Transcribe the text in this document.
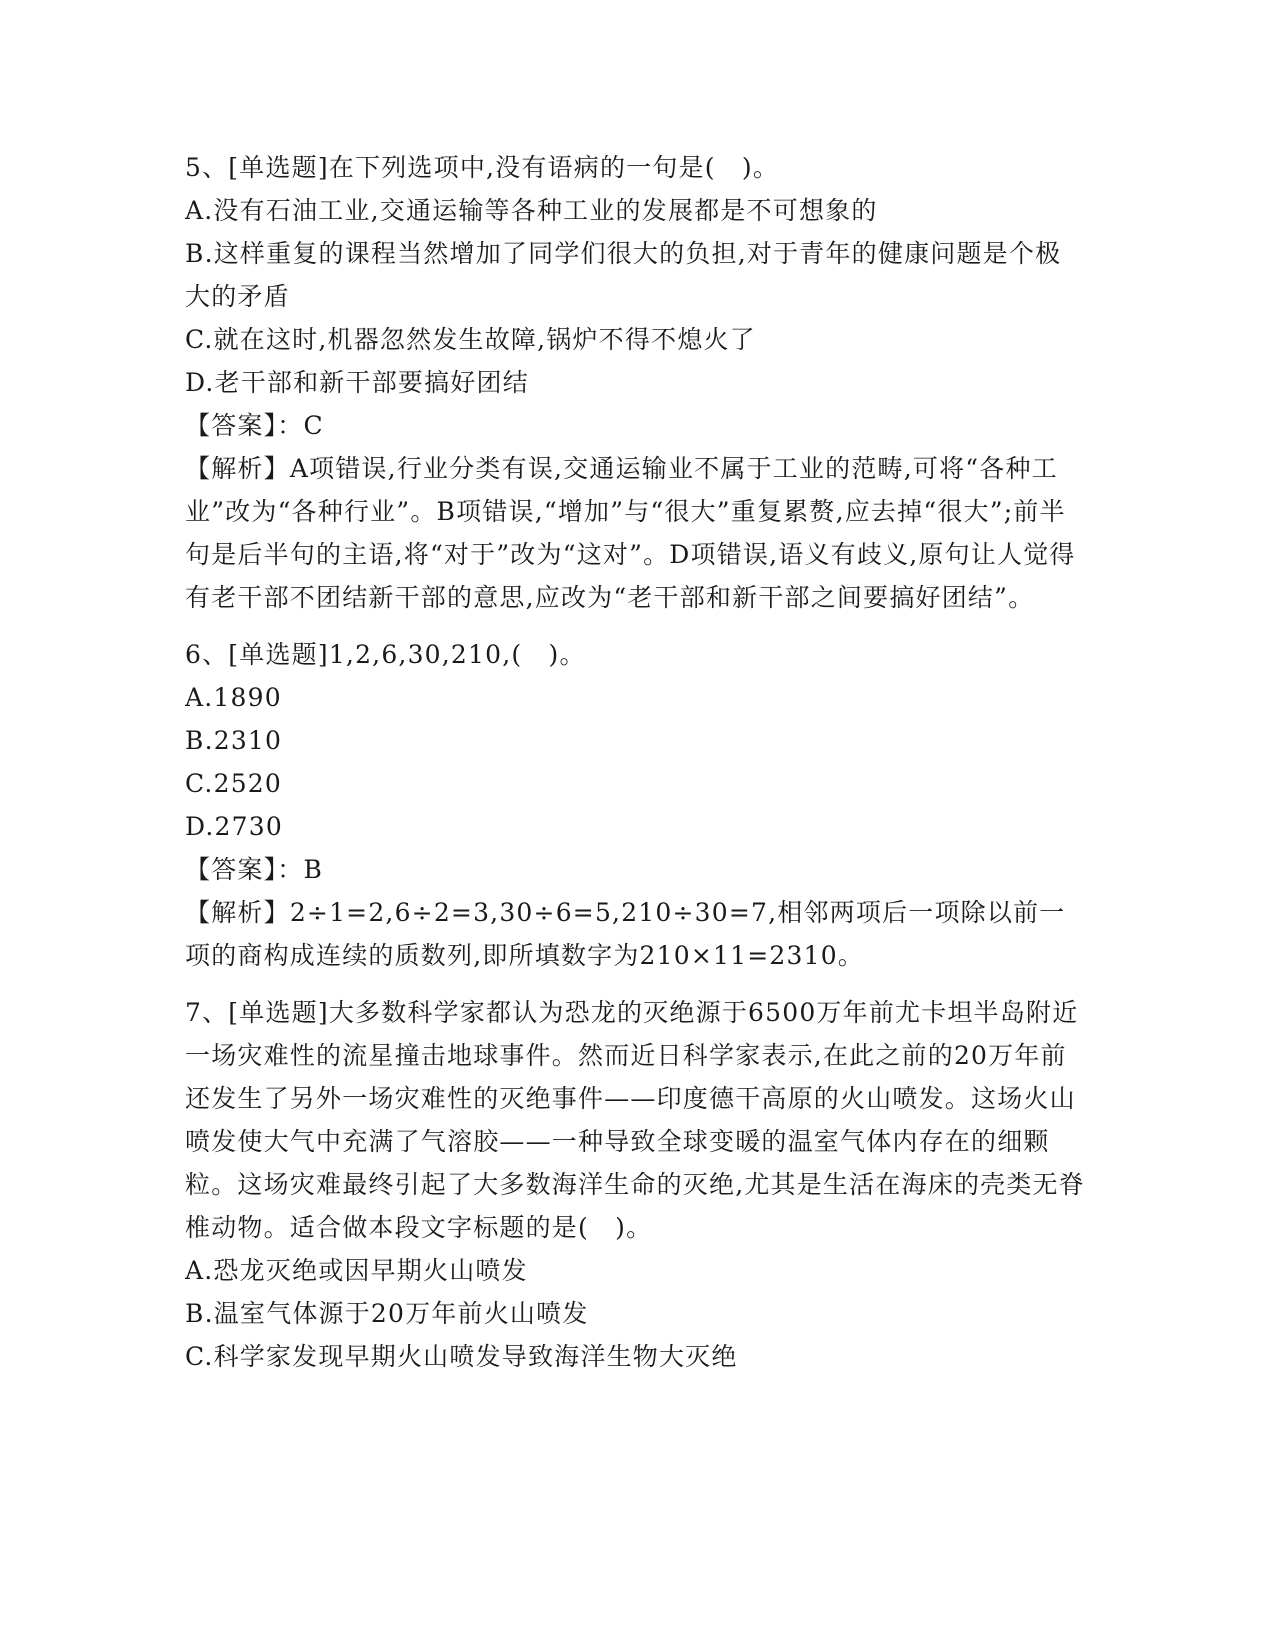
5、[单选题]在下列选项中,没有语病的一句是(　)。
A.没有石油工业,交通运输等各种工业的发展都是不可想象的
B.这样重复的课程当然增加了同学们很大的负担,对于青年的健康问题是个极大的矛盾
C.就在这时,机器忽然发生故障,锅炉不得不熄火了
D.老干部和新干部要搞好团结
【答案】：C
【解析】A项错误,行业分类有误,交通运输业不属于工业的范畴,可将“各种工业”改为“各种行业”。B项错误,“增加”与“很大”重复累赘,应去掉“很大”;前半句是后半句的主语,将“对于”改为“这对”。D项错误,语义有歧义,原句让人觉得有老干部不团结新干部的意思,应改为“老干部和新干部之间要搞好团结”。
6、[单选题]1,2,6,30,210,(　)。
A.1890
B.2310
C.2520
D.2730
【答案】：B
【解析】2÷1=2,6÷2=3,30÷6=5,210÷30=7,相邻两项后一项除以前一项的商构成连续的质数列,即所填数字为210×11=2310。
7、[单选题]大多数科学家都认为恐龙的灭绝源于6500万年前尤卡坦半岛附近一场灾难性的流星撞击地球事件。然而近日科学家表示,在此之前的20万年前还发生了另外一场灾难性的灭绝事件——印度德干高原的火山喷发。这场火山喷发使大气中充满了气溶胶——一种导致全球变暖的温室气体内存在的细颗粒。这场灾难最终引起了大多数海洋生命的灭绝,尤其是生活在海床的壳类无脊椎动物。适合做本段文字标题的是(　)。
A.恐龙灭绝或因早期火山喷发
B.温室气体源于20万年前火山喷发
C.科学家发现早期火山喷发导致海洋生物大灭绝
